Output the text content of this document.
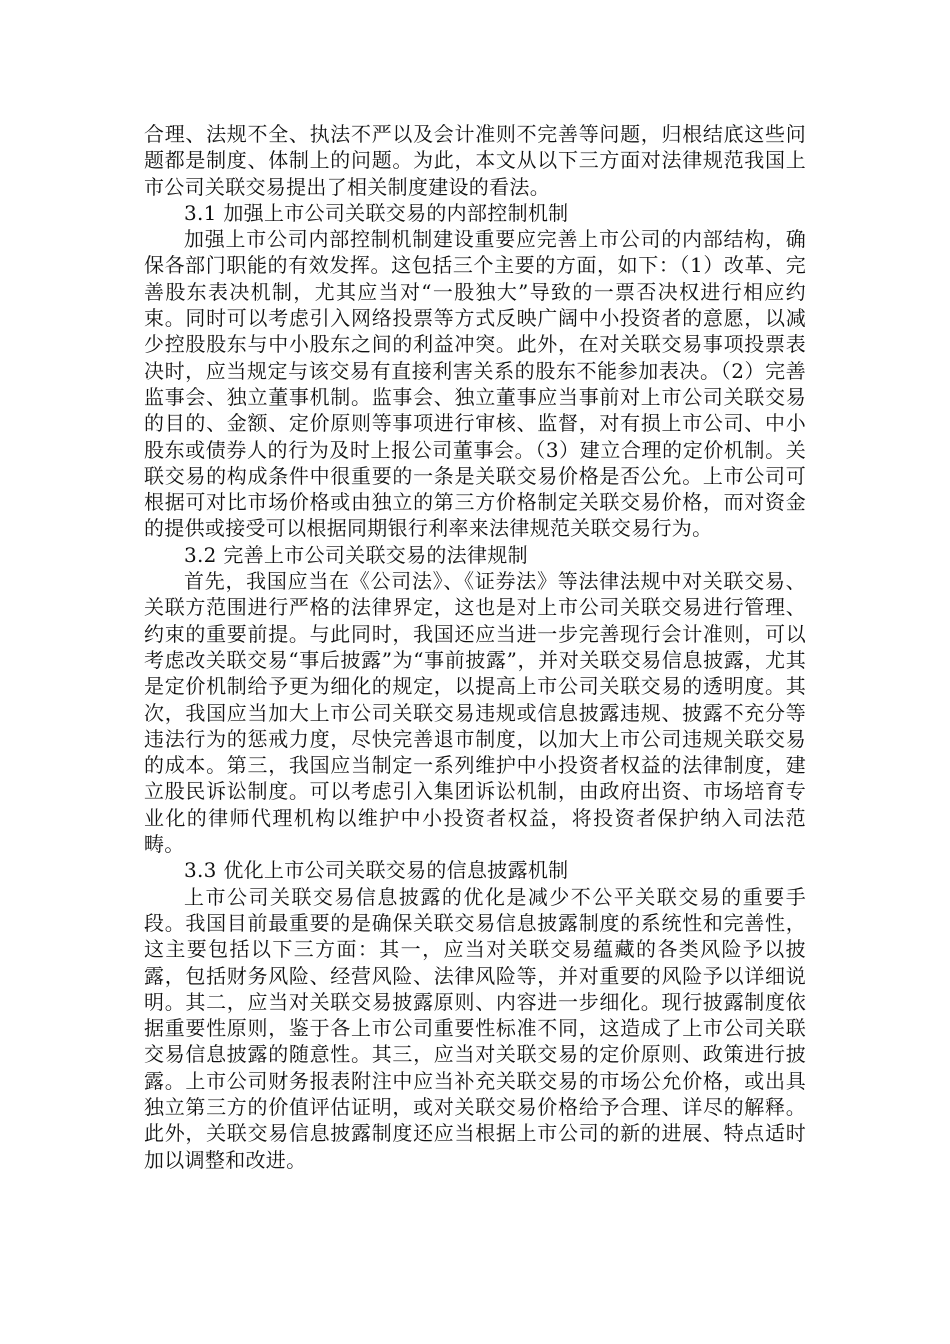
合理、法规不全、执法不严以及会计准则不完善等问题，归根结底这些问题都是制度、体制上的问题。为此，本文从以下三方面对法律规范我国上市公司关联交易提出了相关制度建设的看法。

3.1 加强上市公司关联交易的内部控制机制

加强上市公司内部控制机制建设重要应完善上市公司的内部结构，确保各部门职能的有效发挥。这包括三个主要的方面，如下：（1）改革、完善股东表决机制，尤其应当对“一股独大”导致的一票否决权进行相应约束。同时可以考虑引入网络投票等方式反映广阔中小投资者的意愿，以减少控股股东与中小股东之间的利益冲突。此外，在对关联交易事项投票表决时，应当规定与该交易有直接利害关系的股东不能参加表决。（2）完善监事会、独立董事机制。监事会、独立董事应当事前对上市公司关联交易的目的、金额、定价原则等事项进行审核、监督，对有损上市公司、中小股东或债券人的行为及时上报公司董事会。（3）建立合理的定价机制。关联交易的构成条件中很重要的一条是关联交易价格是否公允。上市公司可根据可对比市场价格或由独立的第三方价格制定关联交易价格，而对资金的提供或接受可以根据同期银行利率来法律规范关联交易行为。

3.2 完善上市公司关联交易的法律规制

首先，我国应当在《公司法》、《证券法》等法律法规中对关联交易、关联方范围进行严格的法律界定，这也是对上市公司关联交易进行管理、约束的重要前提。与此同时，我国还应当进一步完善现行会计准则，可以考虑改关联交易“事后披露”为“事前披露”，并对关联交易信息披露，尤其是定价机制给予更为细化的规定，以提高上市公司关联交易的透明度。其次，我国应当加大上市公司关联交易违规或信息披露违规、披露不充分等违法行为的惩戒力度，尽快完善退市制度，以加大上市公司违规关联交易的成本。第三，我国应当制定一系列维护中小投资者权益的法律制度，建立股民诉讼制度。可以考虑引入集团诉讼机制，由政府出资、市场培育专业化的律师代理机构以维护中小投资者权益，将投资者保护纳入司法范畴。

3.3 优化上市公司关联交易的信息披露机制

上市公司关联交易信息披露的优化是减少不公平关联交易的重要手段。我国目前最重要的是确保关联交易信息披露制度的系统性和完善性，这主要包括以下三方面：其一，应当对关联交易蕴藏的各类风险予以披露，包括财务风险、经营风险、法律风险等，并对重要的风险予以详细说明。其二，应当对关联交易披露原则、内容进一步细化。现行披露制度依据重要性原则，鉴于各上市公司重要性标准不同，这造成了上市公司关联交易信息披露的随意性。其三，应当对关联交易的定价原则、政策进行披露。上市公司财务报表附注中应当补充关联交易的市场公允价格，或出具独立第三方的价值评估证明，或对关联交易价格给予合理、详尽的解释。此外，关联交易信息披露制度还应当根据上市公司的新的进展、特点适时加以调整和改进。
